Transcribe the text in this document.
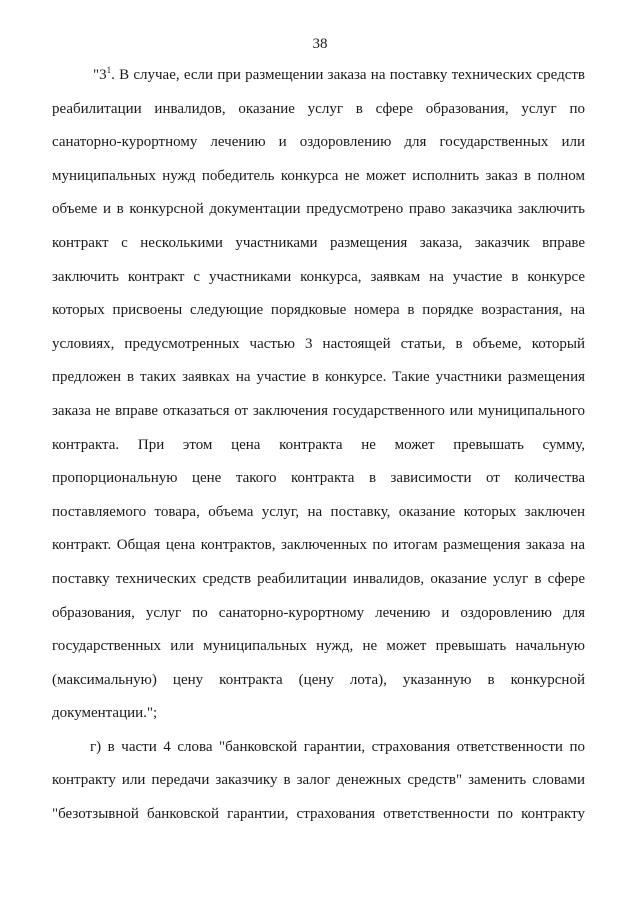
38
"$3^1$. В случае, если при размещении заказа на поставку технических средств
реабилитации инвалидов, оказание услуг в сфере образования, услуг по
санаторно-курортному лечению и оздоровлению для государственных или
муниципальных нужд победитель конкурса не может исполнить заказ в полном
объеме и в конкурсной документации предусмотрено право заказчика заключить
контракт с несколькими участниками размещения заказа, заказчик вправе
заключить контракт с участниками конкурса, заявкам на участие в конкурсе
которых присвоены следующие порядковые номера в порядке возрастания, на
условиях, предусмотренных частью 3 настоящей статьи, в объеме, который
предложен в таких заявках на участие в конкурсе. Такие участники размещения
заказа не вправе отказаться от заключения государственного или муниципального
контракта. При этом цена контракта не может превышать сумму,
пропорциональную цене такого контракта в зависимости от количества
поставляемого товара, объема услуг, на поставку, оказание которых заключен
контракт. Общая цена контрактов, заключенных по итогам размещения заказа на
поставку технических средств реабилитации инвалидов, оказание услуг в сфере
образования, услуг по санаторно-курортному лечению и оздоровлению для
государственных или муниципальных нужд, не может превышать начальную
(максимальную) цену контракта (цену лота), указанную в конкурсной
документации.";
г) в части 4 слова "банковской гарантии, страхования ответственности по
контракту или передачи заказчику в залог денежных средств" заменить словами
"безотзывной банковской гарантии, страхования ответственности по контракту
